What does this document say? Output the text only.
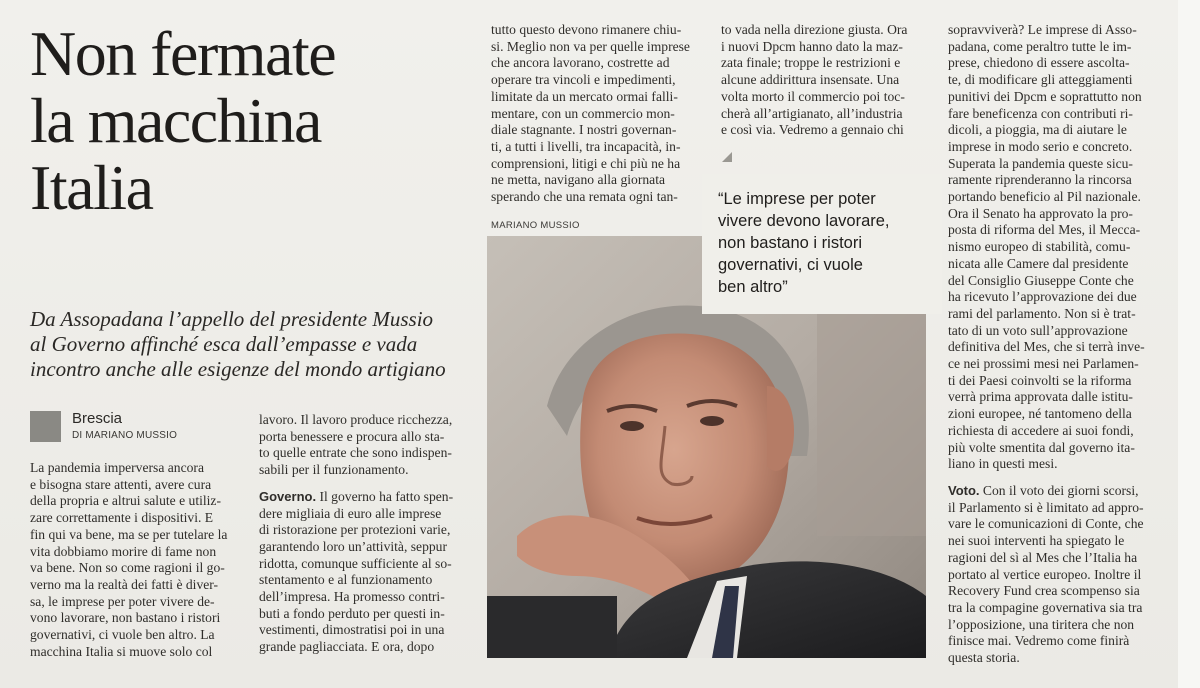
Non fermate
la macchina
Italia
Da Assopadana l’appello del presidente Mussio
al Governo affinché esca dall’empasse e vada
incontro anche alle esigenze del mondo artigiano
Brescia
DI MARIANO MUSSIO
La pandemia imperversa ancora
e bisogna stare attenti, avere cura
della propria e altrui salute e utiliz-
zare correttamente i dispositivi. E
fin qui va bene, ma se per tutelare la
vita dobbiamo morire di fame non
va bene. Non so come ragioni il go-
verno ma la realtà dei fatti è diver-
sa, le imprese per poter vivere de-
vono lavorare, non bastano i ristori
governativi, ci vuole ben altro. La
macchina Italia si muove solo col
lavoro. Il lavoro produce ricchezza,
porta benessere e procura allo sta-
to quelle entrate che sono indispen-
sabili per il funzionamento.
Governo. Il governo ha fatto spen-
dere migliaia di euro alle imprese
di ristorazione per protezioni varie,
garantendo loro un’attività, seppur
ridotta, comunque sufficiente al so-
stentamento e al funzionamento
dell’impresa. Ha promesso contri-
buti a fondo perduto per questi in-
vestimenti, dimostratisi poi in una
grande pagliacciata. E ora, dopo
tutto questo devono rimanere chiu-
si. Meglio non va per quelle imprese
che ancora lavorano, costrette ad
operare tra vincoli e impedimenti,
limitate da un mercato ormai falli-
mentare, con un commercio mon-
diale stagnante. I nostri governan-
ti, a tutti i livelli, tra incapacità, in-
comprensioni, litigi e chi più ne ha
ne metta, navigano alla giornata
sperando che una remata ogni tan-
to vada nella direzione giusta. Ora
i nuovi Dpcm hanno dato la maz-
zata finale; troppe le restrizioni e
alcune addirittura insensate. Una
volta morto il commercio poi toc-
cherà all’artigianato, all’industria
e così via. Vedremo a gennaio chi
sopravviverà? Le imprese di Asso-
padana, come peraltro tutte le im-
prese, chiedono di essere ascolta-
te, di modificare gli atteggiamenti
punitivi dei Dpcm e soprattutto non
fare beneficenza con contributi ri-
dicoli, a pioggia, ma di aiutare le
imprese in modo serio e concreto.
Superata la pandemia queste sicu-
ramente riprenderanno la rincorsa
portando beneficio al Pil nazionale.
Ora il Senato ha approvato la pro-
posta di riforma del Mes, il Mecca-
nismo europeo di stabilità, comu-
nicata alle Camere dal presidente
del Consiglio Giuseppe Conte che
ha ricevuto l’approvazione dei due
rami del parlamento. Non si è trat-
tato di un voto sull’approvazione
definitiva del Mes, che si terrà inve-
ce nei prossimi mesi nei Parlamen-
ti dei Paesi coinvolti se la riforma
verrà prima approvata dalle istitu-
zioni europee, né tantomeno della
richiesta di accedere ai suoi fondi,
più volte smentita dal governo ita-
liano in questi mesi.
Voto. Con il voto dei giorni scorsi,
il Parlamento si è limitato ad appro-
vare le comunicazioni di Conte, che
nei suoi interventi ha spiegato le
ragioni del sì al Mes che l’Italia ha
portato al vertice europeo. Inoltre il
Recovery Fund crea scompenso sia
tra la compagine governativa sia tra
l’opposizione, una tiritera che non
finisce mai. Vedremo come finirà
questa storia.
MARIANO MUSSIO
“Le imprese per poter
vivere devono lavorare,
non bastano i ristori
governativi, ci vuole
ben altro”
